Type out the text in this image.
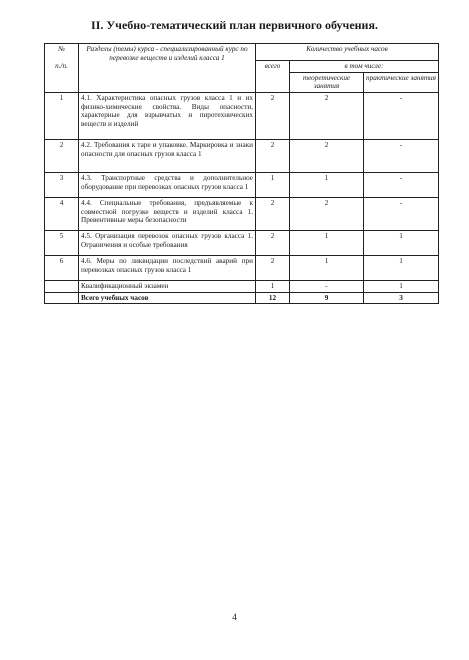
II. Учебно-тематический план первичного обучения.
№
п./п.	Разделы (темы) курса - специализированный курс по перевозке веществ и изделий класса 1	Количество учебных часов		
		всего	в том числе:	
			теоретические занятия	практические занятия
1	4.1. Характеристика опасных грузов класса 1 и их физико-химические свойства. Виды опасности, характерные для взрывчатых и пиротехнических веществ и изделий	2	2	-
2	4.2. Требования к таре и упаковке. Маркировка и знаки опасности для опасных грузов класса 1	2	2	-
3	4.3. Транспортные средства и дополнительное оборудование при перевозках опасных грузов класса 1	1	1	-
4	4.4. Специальные требования, предъявляемые к совместной погрузке веществ и изделий класса 1. Превентивные меры безопасности	2	2	-
5	4.5. Организация перевозок опасных грузов класса 1. Ограничения и особые требования	2	1	1
6	4.6. Меры по ликвидации последствий аварий при перевозках опасных грузов класса 1	2	1	1
	Квалификационный экзамен	1	-	1
	Всего учебных часов	12	9	3
4
